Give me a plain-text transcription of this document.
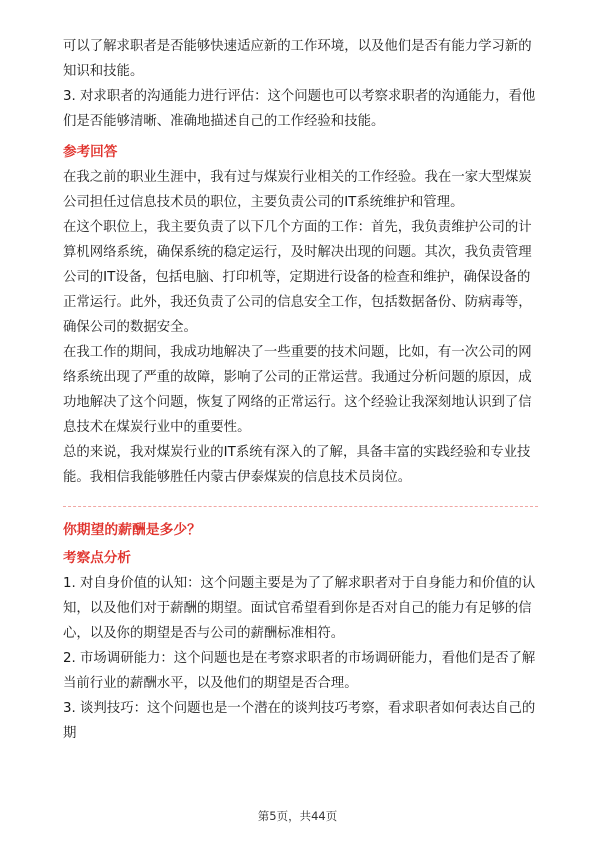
可以了解求职者是否能够快速适应新的工作环境，以及他们是否有能力学习新的知识和技能。

3. 对求职者的沟通能力进行评估：这个问题也可以考察求职者的沟通能力，看他们是否能够清晰、准确地描述自己的工作经验和技能。

参考回答

在我之前的职业生涯中，我有过与煤炭行业相关的工作经验。我在一家大型煤炭公司担任过信息技术员的职位，主要负责公司的IT系统维护和管理。

在这个职位上，我主要负责了以下几个方面的工作：首先，我负责维护公司的计算机网络系统，确保系统的稳定运行，及时解决出现的问题。其次，我负责管理公司的IT设备，包括电脑、打印机等，定期进行设备的检查和维护，确保设备的正常运行。此外，我还负责了公司的信息安全工作，包括数据备份、防病毒等，确保公司的数据安全。

在我工作的期间，我成功地解决了一些重要的技术问题，比如，有一次公司的网络系统出现了严重的故障，影响了公司的正常运营。我通过分析问题的原因，成功地解决了这个问题，恢复了网络的正常运行。这个经验让我深刻地认识到了信息技术在煤炭行业中的重要性。

总的来说，我对煤炭行业的IT系统有深入的了解，具备丰富的实践经验和专业技能。我相信我能够胜任内蒙古伊泰煤炭的信息技术员岗位。

你期望的薪酬是多少？
考察点分析

1. 对自身价值的认知：这个问题主要是为了了解求职者对于自身能力和价值的认知，以及他们对于薪酬的期望。面试官希望看到你是否对自己的能力有足够的信心，以及你的期望是否与公司的薪酬标准相符。

2. 市场调研能力：这个问题也是在考察求职者的市场调研能力，看他们是否了解当前行业的薪酬水平，以及他们的期望是否合理。

3. 谈判技巧：这个问题也是一个潜在的谈判技巧考察，看求职者如何表达自己的期

第5页，共44页
